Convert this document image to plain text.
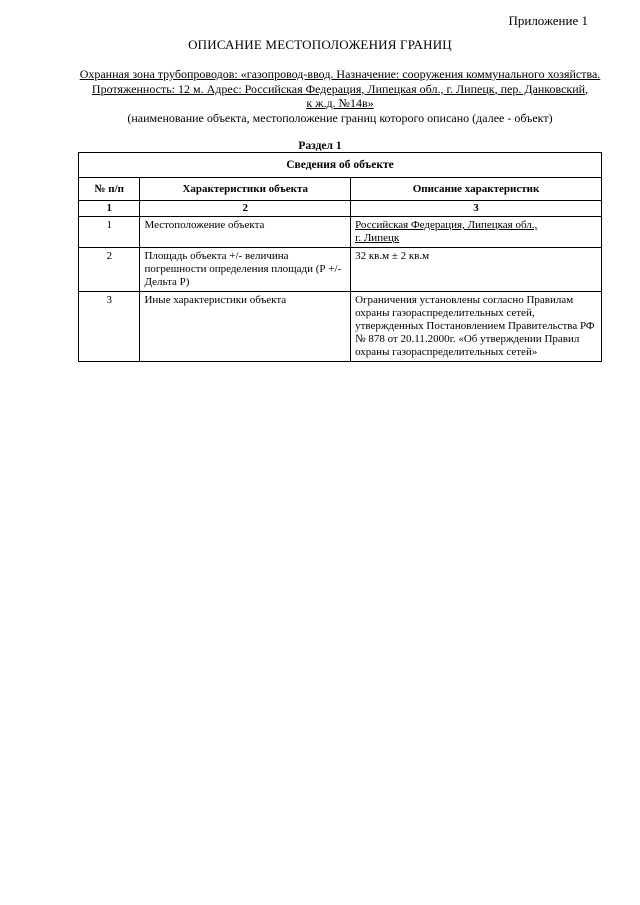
Приложение 1
ОПИСАНИЕ МЕСТОПОЛОЖЕНИЯ ГРАНИЦ
Охранная зона трубопроводов: «газопровод-ввод. Назначение: сооружения коммунального хозяйства.
Протяженность: 12 м. Адрес: Российская Федерация, Липецкая обл., г. Липецк, пер. Данковский,
к ж.д. №14в»
(наименование объекта, местоположение границ которого описано (далее - объект)
Раздел 1
Сведения об объекте		
№ п/п	Характеристики объекта	Описание характеристик
1	2	3
1	Местоположение объекта	Российская Федерация, Липецкая обл.,
г. Липецк
2	Площадь объекта +/- величина погрешности определения площади (Р +/- Дельта Р)	32 кв.м ± 2 кв.м
3	Иные характеристики объекта	Ограничения установлены согласно Правилам охраны газораспределительных сетей, утвержденных Постановлением Правительства РФ № 878 от 20.11.2000г. «Об утверждении Правил охраны газораспределительных сетей»
